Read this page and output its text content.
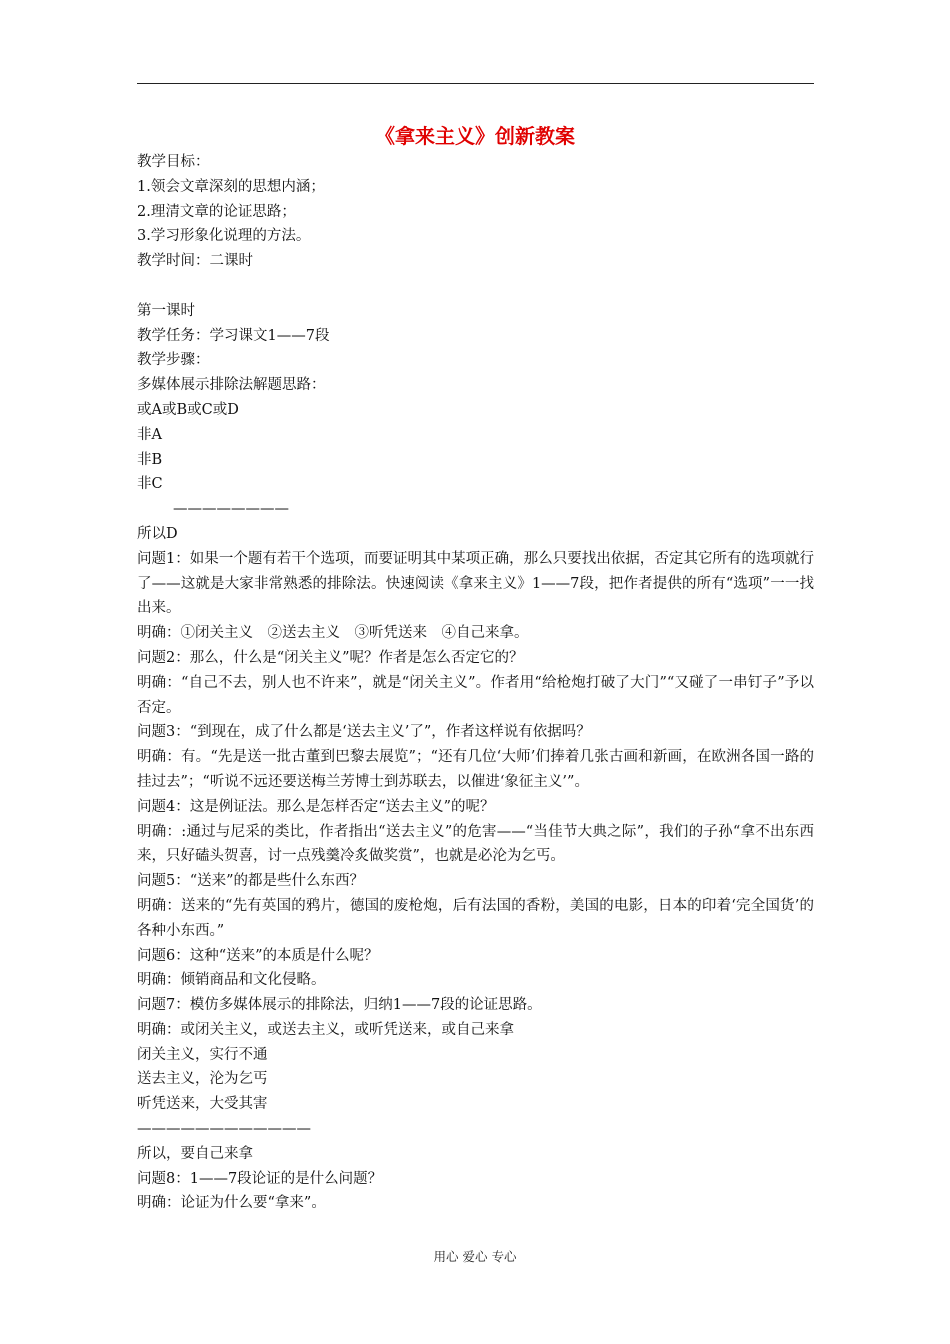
《拿来主义》创新教案
教学目标：
1.领会文章深刻的思想内涵；
2.理清文章的论证思路；
3.学习形象化说理的方法。
教学时间：二课时
第一课时
教学任务：学习课文1——7段
教学步骤：
多媒体展示排除法解题思路：
或A或B或C或D
非A
非B
非C
————————
所以D
问题1：如果一个题有若干个选项，而要证明其中某项正确，那么只要找出依据，否定其它所有的选项就行了——这就是大家非常熟悉的排除法。快速阅读《拿来主义》1——7段，把作者提供的所有“选项”一一找出来。
明确：①闭关主义　②送去主义　③听凭送来　④自己来拿。
问题2：那么，什么是“闭关主义”呢？作者是怎么否定它的？
明确：“自己不去，别人也不许来”，就是“闭关主义”。作者用“给枪炮打破了大门”“又碰了一串钉子”予以否定。
问题3：“到现在，成了什么都是‘送去主义’了”，作者这样说有依据吗？
明确：有。“先是送一批古董到巴黎去展览”；“还有几位‘大师’们捧着几张古画和新画，在欧洲各国一路的挂过去”；“听说不远还要送梅兰芳博士到苏联去，以催进‘象征主义’”。
问题4：这是例证法。那么是怎样否定“送去主义”的呢？
明确：:通过与尼采的类比，作者指出“送去主义”的危害——“当佳节大典之际”，我们的子孙“拿不出东西来，只好磕头贺喜，讨一点残羹冷炙做奖赏”，也就是必沦为乞丐。
问题5：“送来”的都是些什么东西？
明确：送来的“先有英国的鸦片，德国的废枪炮，后有法国的香粉，美国的电影，日本的印着‘完全国货’的各种小东西。”
问题6：这种“送来”的本质是什么呢？
明确：倾销商品和文化侵略。
问题7：模仿多媒体展示的排除法，归纳1——7段的论证思路。
明确：或闭关主义，或送去主义，或听凭送来，或自己来拿
闭关主义，实行不通
送去主义，沦为乞丐
听凭送来，大受其害
————————————
所以，要自己来拿
问题8：1——7段论证的是什么问题？
明确：论证为什么要“拿来”。
用心 爱心 专心
